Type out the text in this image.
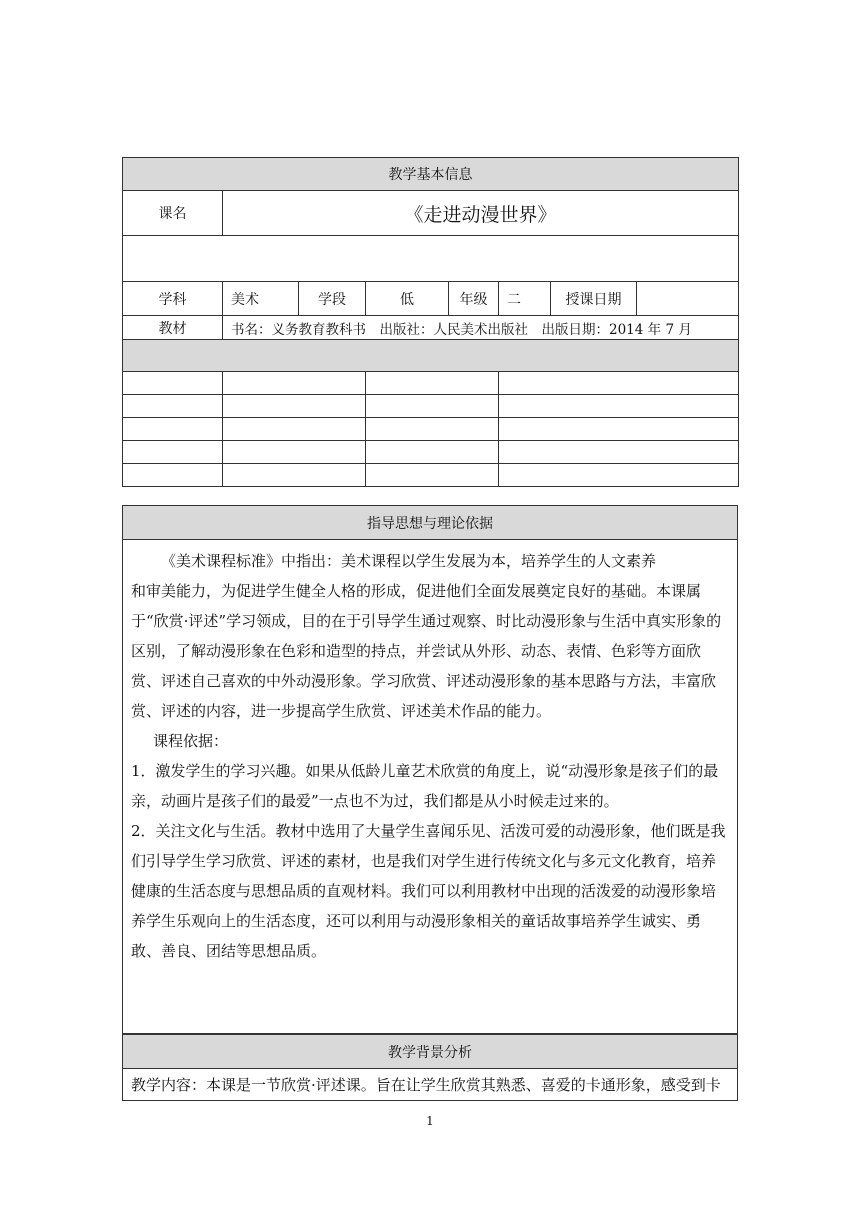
教学基本信息							
课名	《走进动漫世界》						

学科	美术	学段	低	年级	二	授课日期	
教材	书名：义务教育教科书　出版社：人民美术出版社　出版日期：2014 年 7 月						

指导思想与理论依据

《美术课程标准》中指出：美术课程以学生发展为本，培养学生的人文素养

和审美能力，为促进学生健全人格的形成，促进他们全面发展奠定良好的基础。本课属于“欣赏·评述”学习领成，目的在于引导学生通过观察、时比动漫形象与生活中真实形象的区别，了解动漫形象在色彩和造型的持点，并尝试从外形、动态、表情、色彩等方面欣赏、评述自己喜欢的中外动漫形象。学习欣赏、评述动漫形象的基本思路与方法，丰富欣赏、评述的内容，进一步提高学生欣赏、评述美术作品的能力。

课程依据：

1．激发学生的学习兴趣。如果从低龄儿童艺术欣赏的角度上，说“动漫形象是孩子们的最亲，动画片是孩子们的最爱”一点也不为过，我们都是从小时候走过来的。

2．关注文化与生活。教材中选用了大量学生喜闻乐见、活泼可爱的动漫形象，他们既是我们引导学生学习欣赏、评述的素材，也是我们对学生进行传统文化与多元文化教育，培养健康的生活态度与思想品质的直观材料。我们可以利用教材中出现的活泼爱的动漫形象培养学生乐观向上的生活态度，还可以利用与动漫形象相关的童话故事培养学生诚实、勇敢、善良、团结等思想品质。

教学背景分析
教学内容：本课是一节欣赏·评述课。旨在让学生欣赏其熟悉、喜爱的卡通形象，感受到卡
1
